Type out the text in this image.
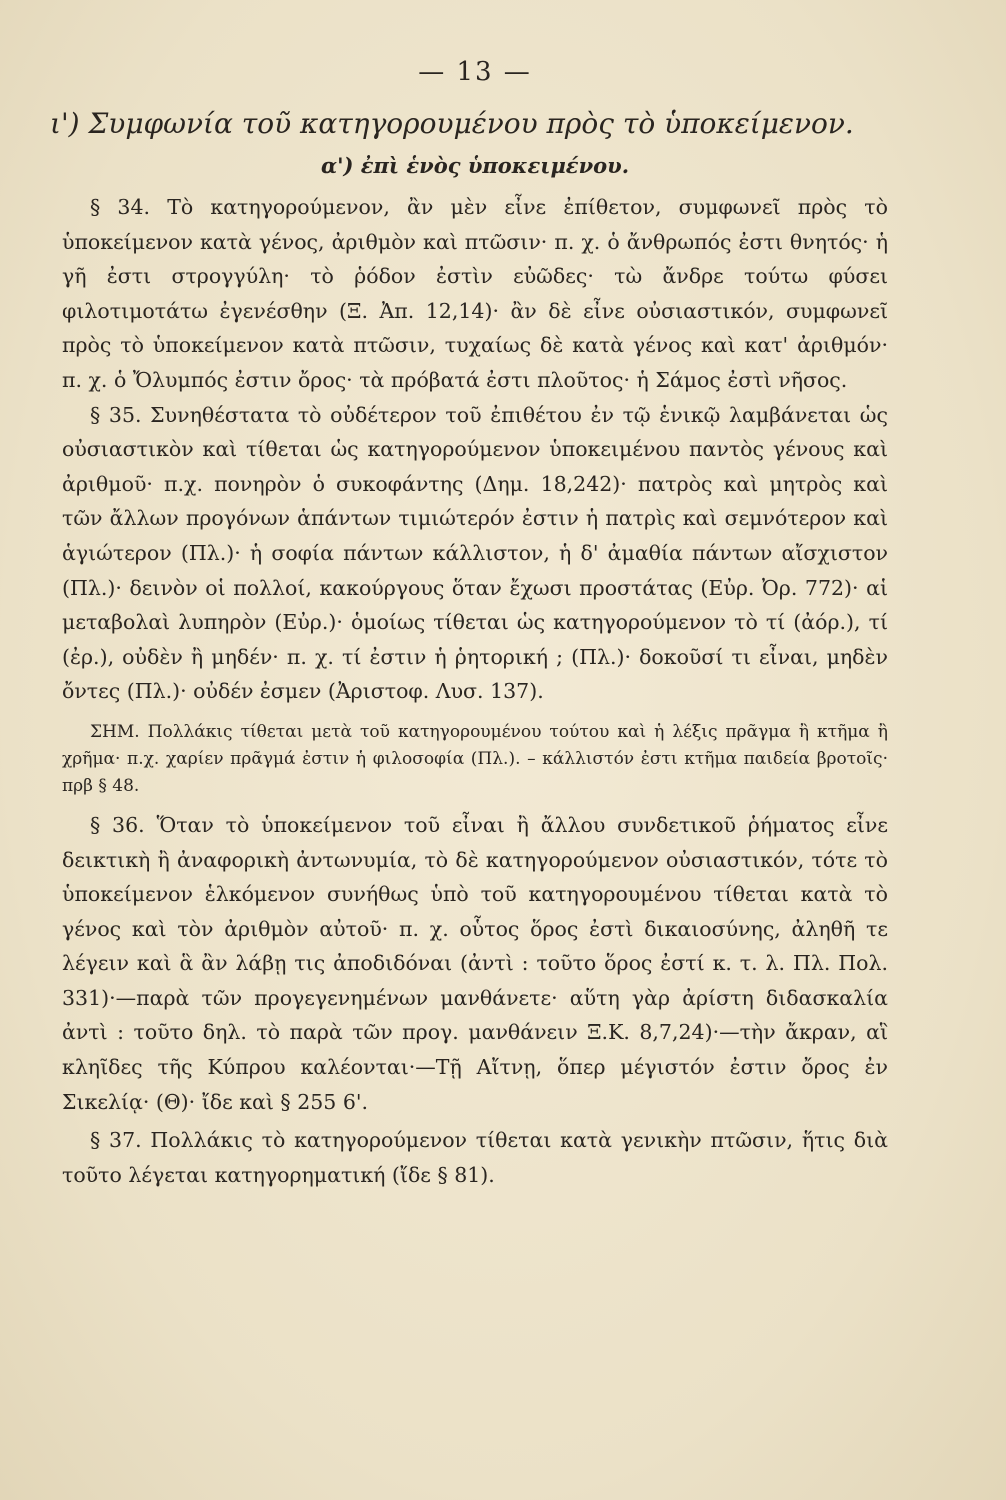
— 13 —
ι') Συμφωνία τοῦ κατηγορουμένου πρὸς τὸ ὑποκείμενον.
α') ἐπὶ ἑνὸς ὑποκειμένου.

§ 34. Τὸ κατηγορούμενον, ἂν μὲν εἶνε ἐπίθετον, συμφωνεῖ πρὸς τὸ ὑποκείμενον κατὰ γένος, ἀριθμὸν καὶ πτῶσιν· π. χ. ὁ ἄνθρωπός ἐστι θνητός· ἡ γῆ ἐστι στρογγύλη· τὸ ῥόδον ἐστὶν εὐῶδες· τὼ ἄνδρε τούτω φύσει φιλοτιμοτάτω ἐγενέσθην (Ξ. Ἀπ. 12,14)· ἂν δὲ εἶνε οὐσιαστικόν, συμφωνεῖ πρὸς τὸ ὑποκείμενον κατὰ πτῶσιν, τυχαίως δὲ κατὰ γένος καὶ κατ' ἀριθμόν· π. χ. ὁ Ὄλυμπός ἐστιν ὄρος· τὰ πρόβατά ἐστι πλοῦτος· ἡ Σάμος ἐστὶ νῆσος.

§ 35. Συνηθέστατα τὸ οὐδέτερον τοῦ ἐπιθέτου ἐν τῷ ἑνικῷ λαμβάνεται ὡς οὐσιαστικὸν καὶ τίθεται ὡς κατηγορούμενον ὑποκειμένου παντὸς γένους καὶ ἀριθμοῦ· π.χ. πονηρὸν ὁ συκοφάντης (Δημ. 18,242)· πατρὸς καὶ μητρὸς καὶ τῶν ἄλλων προγόνων ἁπάντων τιμιώτερόν ἐστιν ἡ πατρὶς καὶ σεμνότερον καὶ ἁγιώτερον (Πλ.)· ἡ σοφία πάντων κάλλιστον, ἡ δ' ἀμαθία πάντων αἴσχιστον (Πλ.)· δεινὸν οἱ πολλοί, κακούργους ὅταν ἔχωσι προστάτας (Εὐρ. Ὀρ. 772)· αἱ μεταβολαὶ λυπηρὸν (Εὐρ.)· ὁμοίως τίθεται ὡς κατηγορούμενον τὸ τί (ἀόρ.), τί (ἐρ.), οὐδὲν ἢ μηδέν· π. χ. τί ἐστιν ἡ ῥητορική ; (Πλ.)· δοκοῦσί τι εἶναι, μηδὲν ὄντες (Πλ.)· οὐδέν ἐσμεν (Ἀριστοφ. Λυσ. 137).

ΣΗΜ. Πολλάκις τίθεται μετὰ τοῦ κατηγορουμένου τούτου καὶ ἡ λέξις πρᾶγμα ἢ κτῆμα ἢ χρῆμα· π.χ. χαρίεν πρᾶγμά ἐστιν ἡ φιλοσοφία (Πλ.). – κάλλιστόν ἐστι κτῆμα παιδεία βροτοῖς· πρβ § 48.

§ 36. Ὅταν τὸ ὑποκείμενον τοῦ εἶναι ἢ ἄλλου συνδετικοῦ ῥήματος εἶνε δεικτικὴ ἢ ἀναφορικὴ ἀντωνυμία, τὸ δὲ κατηγορούμενον οὐσιαστικόν, τότε τὸ ὑποκείμενον ἑλκόμενον συνήθως ὑπὸ τοῦ κατηγορουμένου τίθεται κατὰ τὸ γένος καὶ τὸν ἀριθμὸν αὐτοῦ· π. χ. οὗτος ὅρος ἐστὶ δικαιοσύνης, ἀληθῆ τε λέγειν καὶ ἃ ἂν λάβῃ τις ἀποδιδόναι (ἀντὶ : τοῦτο ὅρος ἐστί κ. τ. λ. Πλ. Πολ. 331)·—παρὰ τῶν προγεγενημένων μανθάνετε· αὕτη γὰρ ἀρίστη διδασκαλία ἀντὶ : τοῦτο δηλ. τὸ παρὰ τῶν προγ. μανθάνειν Ξ.Κ. 8,7,24)·—τὴν ἄκραν, αἳ κληῖδες τῆς Κύπρου καλέονται·—Τῇ Αἴτνῃ, ὅπερ μέγιστόν ἐστιν ὄρος ἐν Σικελίᾳ· (Θ)· ἴδε καὶ § 255 6'.

§ 37. Πολλάκις τὸ κατηγορούμενον τίθεται κατὰ γενικὴν πτῶσιν, ἥτις διὰ τοῦτο λέγεται κατηγορηματική (ἴδε § 81).
